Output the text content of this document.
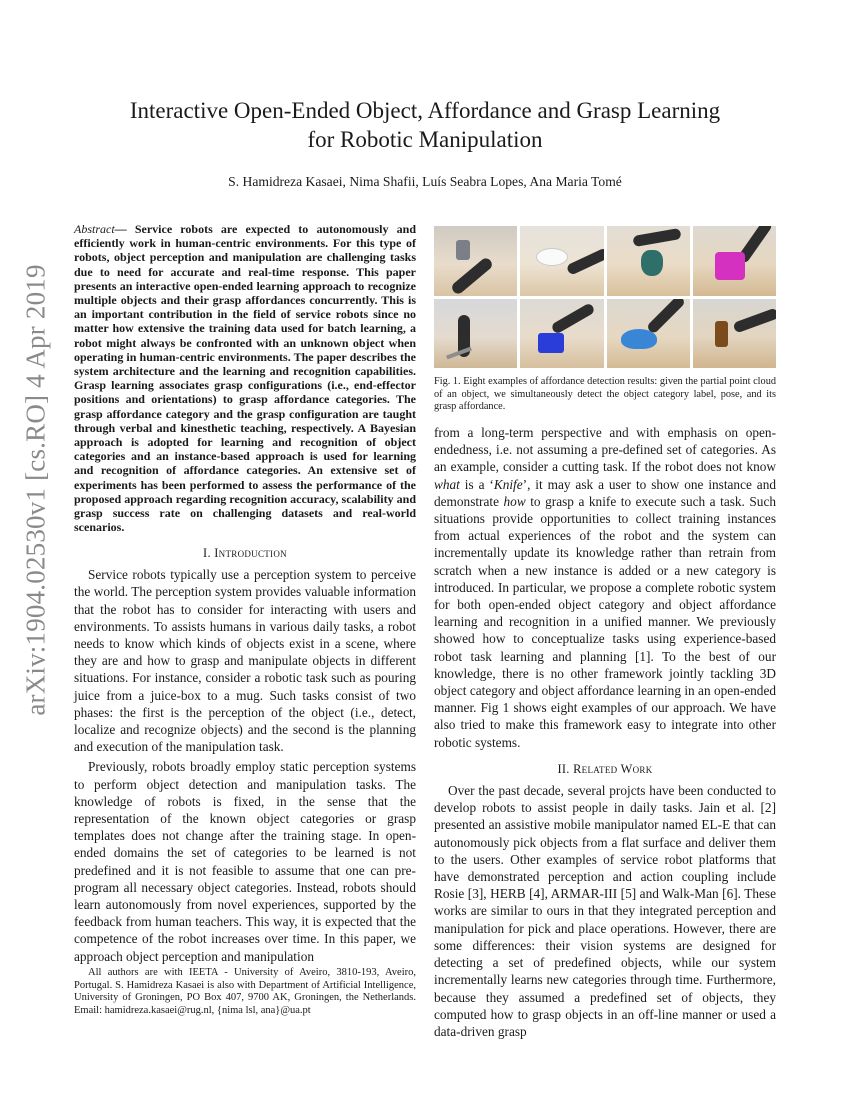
arXiv:1904.02530v1 [cs.RO] 4 Apr 2019
Interactive Open-Ended Object, Affordance and Grasp Learning
for Robotic Manipulation
S. Hamidreza Kasaei, Nima Shafii, Luís Seabra Lopes, Ana Maria Tomé
Abstract— Service robots are expected to autonomously and efficiently work in human-centric environments. For this type of robots, object perception and manipulation are challenging tasks due to need for accurate and real-time response. This paper presents an interactive open-ended learning approach to recognize multiple objects and their grasp affordances concurrently. This is an important contribution in the field of service robots since no matter how extensive the training data used for batch learning, a robot might always be confronted with an unknown object when operating in human-centric environments. The paper describes the system architecture and the learning and recognition capabilities. Grasp learning associates grasp configurations (i.e., end-effector positions and orientations) to grasp affordance categories. The grasp affordance category and the grasp configuration are taught through verbal and kinesthetic teaching, respectively. A Bayesian approach is adopted for learning and recognition of object categories and an instance-based approach is used for learning and recognition of affordance categories. An extensive set of experiments has been performed to assess the performance of the proposed approach regarding recognition accuracy, scalability and grasp success rate on challenging datasets and real-world scenarios.
I. Introduction

Service robots typically use a perception system to perceive the world. The perception system provides valuable information that the robot has to consider for interacting with users and environments. To assists humans in various daily tasks, a robot needs to know which kinds of objects exist in a scene, where they are and how to grasp and manipulate objects in different situations. For instance, consider a robotic task such as pouring juice from a juice-box to a mug. Such tasks consist of two phases: the first is the perception of the object (i.e., detect, localize and recognize objects) and the second is the planning and execution of the manipulation task.

Previously, robots broadly employ static perception systems to perform object detection and manipulation tasks. The knowledge of robots is fixed, in the sense that the representation of the known object categories or grasp templates does not change after the training stage. In open-ended domains the set of categories to be learned is not predefined and it is not feasible to assume that one can pre-program all necessary object categories. Instead, robots should learn autonomously from novel experiences, supported by the feedback from human teachers. This way, it is expected that the competence of the robot increases over time. In this paper, we approach object perception and manipulation

All authors are with IEETA - University of Aveiro, 3810-193, Aveiro, Portugal. S. Hamidreza Kasaei is also with Department of Artificial Intelligence, University of Groningen, PO Box 407, 9700 AK, Groningen, the Netherlands. Email: hamidreza.kasaei@rug.nl, {nima lsl, ana}@ua.pt
Fig. 1. Eight examples of affordance detection results: given the partial point cloud of an object, we simultaneously detect the object category label, pose, and its grasp affordance.

from a long-term perspective and with emphasis on open-endedness, i.e. not assuming a pre-defined set of categories. As an example, consider a cutting task. If the robot does not know what is a ‘Knife’, it may ask a user to show one instance and demonstrate how to grasp a knife to execute such a task. Such situations provide opportunities to collect training instances from actual experiences of the robot and the system can incrementally update its knowledge rather than retrain from scratch when a new instance is added or a new category is introduced. In particular, we propose a complete robotic system for both open-ended object category and object affordance learning and recognition in a unified manner. We previously showed how to conceptualize tasks using experience-based robot task learning and planning [1]. To the best of our knowledge, there is no other framework jointly tackling 3D object category and object affordance learning in an open-ended manner. Fig 1 shows eight examples of our approach. We have also tried to make this framework easy to integrate into other robotic systems.

II. Related Work

Over the past decade, several projcts have been conducted to develop robots to assist people in daily tasks. Jain et al. [2] presented an assistive mobile manipulator named EL-E that can autonomously pick objects from a flat surface and deliver them to the users. Other examples of service robot platforms that have demonstrated perception and action coupling include Rosie [3], HERB [4], ARMAR-III [5] and Walk-Man [6]. These works are similar to ours in that they integrated perception and manipulation for pick and place operations. However, there are some differences: their vision systems are designed for detecting a set of predefined objects, while our system incrementally learns new categories through time. Furthermore, because they assumed a predefined set of objects, they computed how to grasp objects in an off-line manner or used a data-driven grasp
